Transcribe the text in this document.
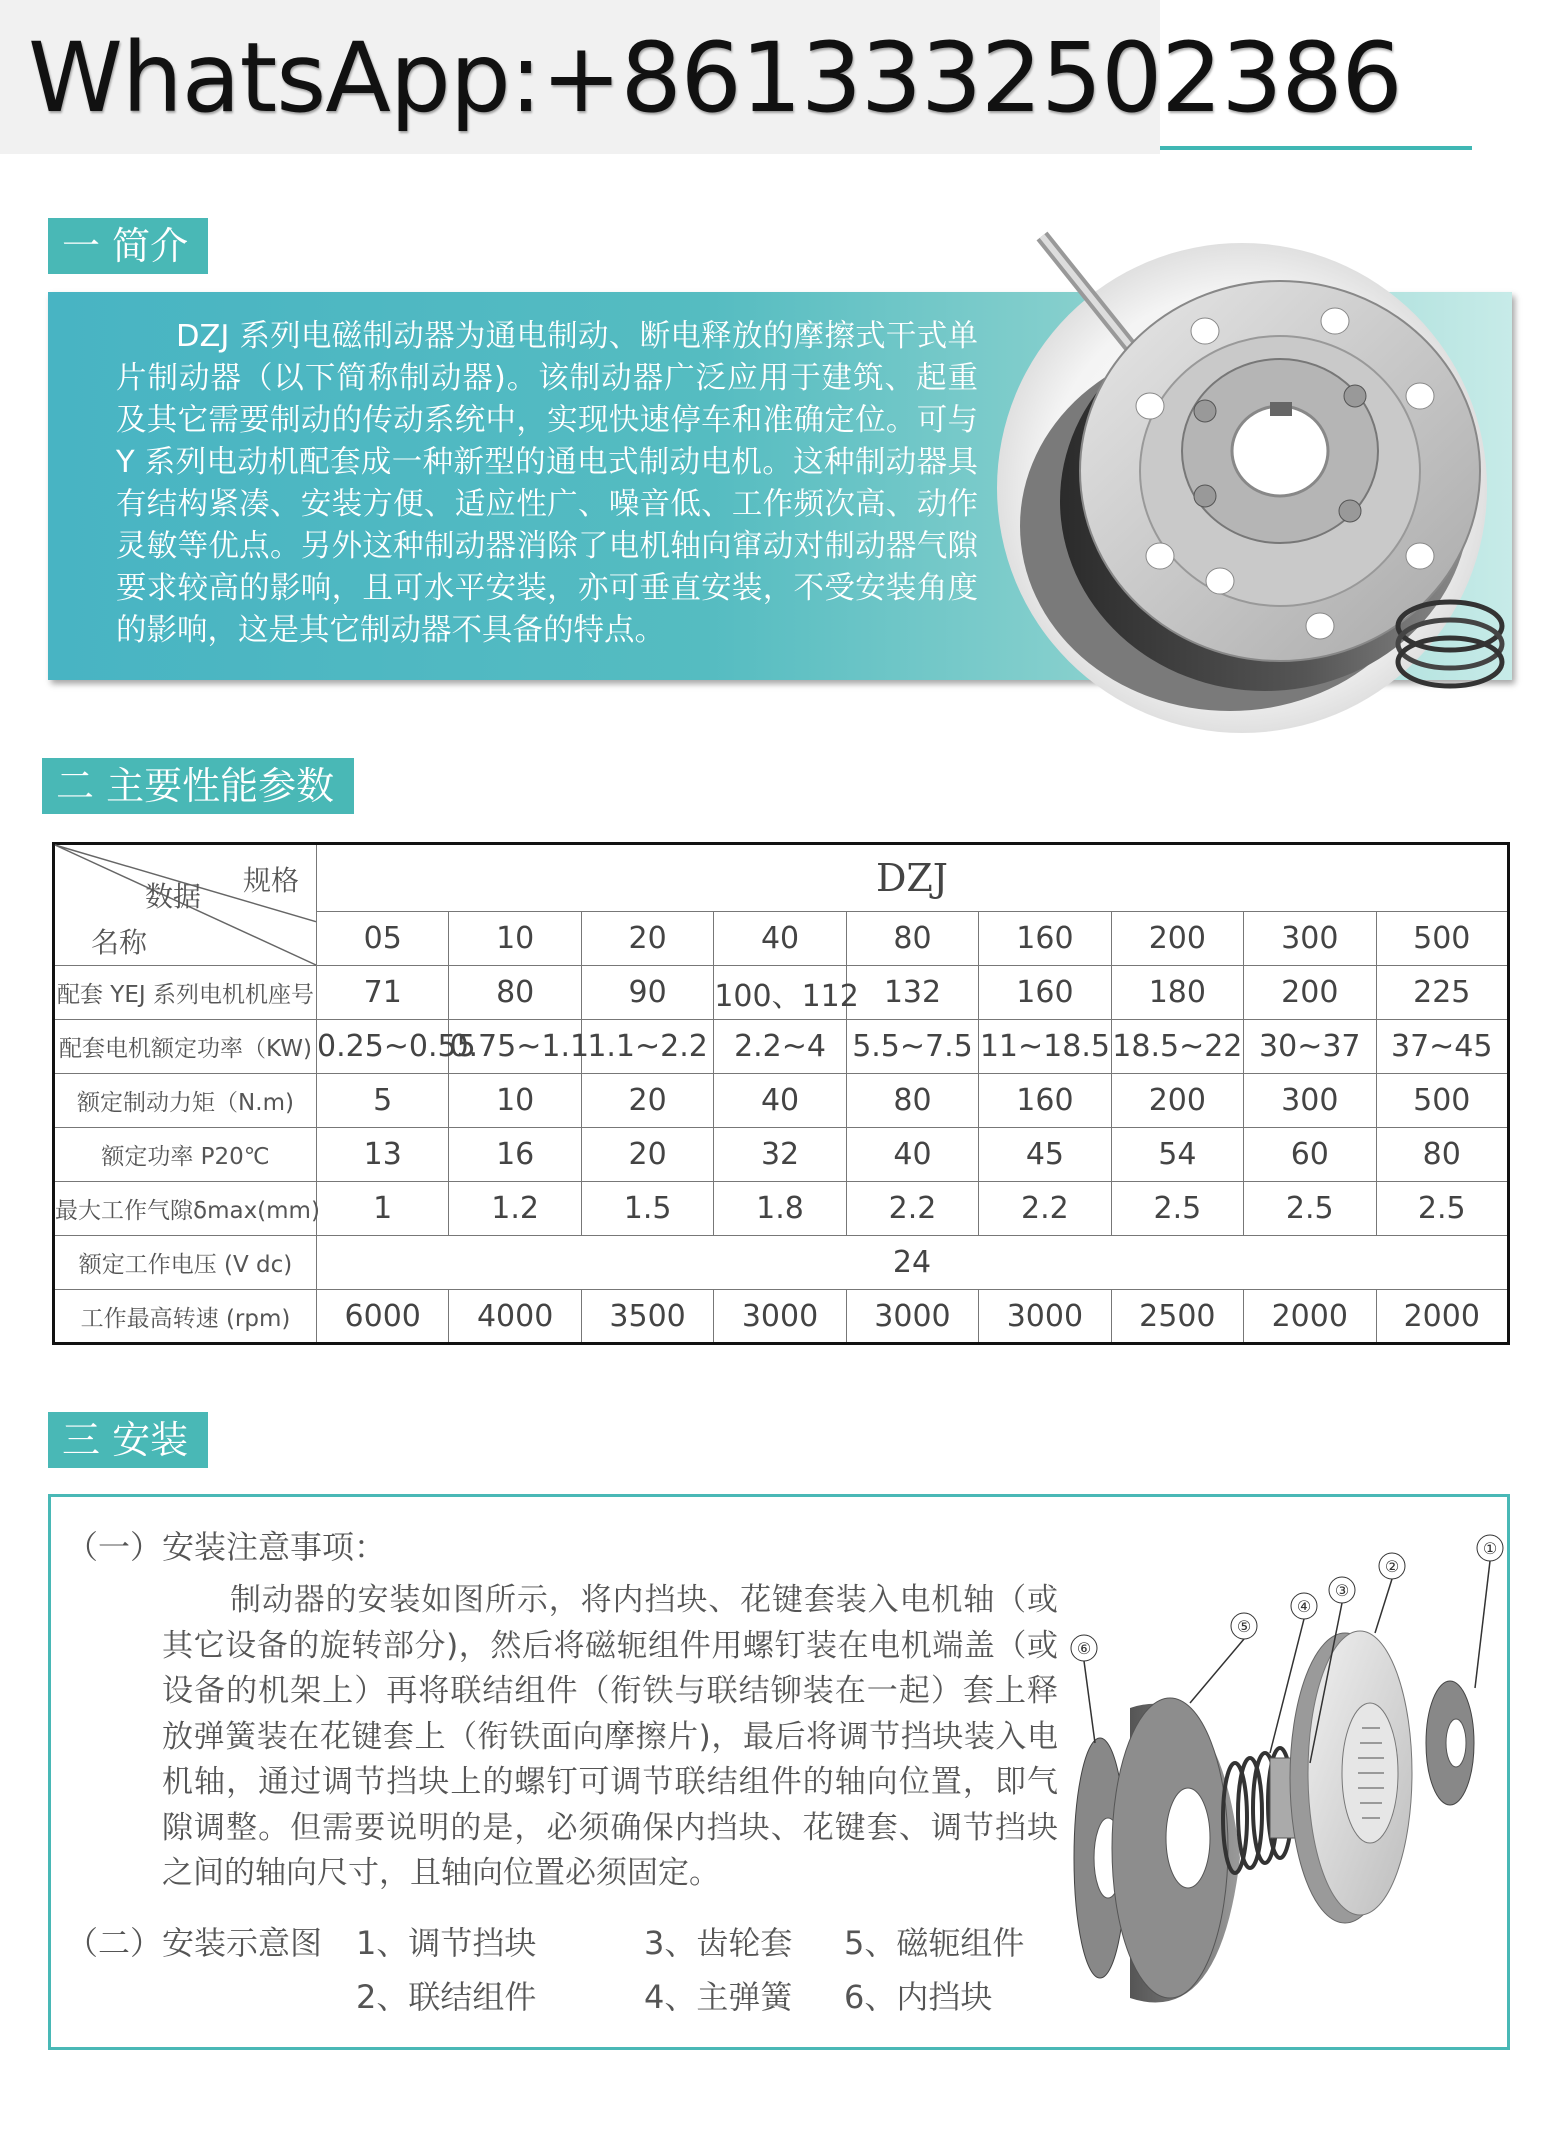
WhatsApp:+8613332502386
一 简介
DZJ 系列电磁制动器为通电制动、断电释放的摩擦式干式单片制动器（以下简称制动器)。该制动器广泛应用于建筑、起重及其它需要制动的传动系统中，实现快速停车和准确定位。可与 Y 系列电动机配套成一种新型的通电式制动电机。这种制动器具有结构紧凑、安装方便、适应性广、噪音低、工作频次高、动作灵敏等优点。另外这种制动器消除了电机轴向窜动对制动器气隙要求较高的影响，且可水平安装，亦可垂直安装，不受安装角度的影响，这是其它制动器不具备的特点。
二 主要性能参数
规格
数据
名称	DZJ								
	05	10	20	40	80	160	200	300	500
配套 YEJ 系列电机机座号	71	80	90	100、112	132	160	180	200	225
配套电机额定功率（KW)	0.25~0.55	0.75~1.1	1.1~2.2	2.2~4	5.5~7.5	11~18.5	18.5~22	30~37	37~45
额定制动力矩（N.m)	5	10	20	40	80	160	200	300	500
额定功率 P20℃	13	16	20	32	40	45	54	60	80
最大工作气隙δmax(mm)	1	1.2	1.5	1.8	2.2	2.2	2.5	2.5	2.5
额定工作电压 (V dc)	24								
工作最高转速 (rpm)	6000	4000	3500	3000	3000	3000	2500	2000	2000
三 安装
（一）安装注意事项：
制动器的安装如图所示，将内挡块、花键套装入电机轴（或其它设备的旋转部分)，然后将磁轭组件用螺钉装在电机端盖（或设备的机架上）再将联结组件（衔铁与联结铆装在一起）套上释放弹簧装在花键套上（衔铁面向摩擦片)，最后将调节挡块装入电机轴，通过调节挡块上的螺钉可调节联结组件的轴向位置，即气隙调整。但需要说明的是，必须确保内挡块、花键套、调节挡块之间的轴向尺寸，且轴向位置必须固定。
（二）安装示意图 1、调节挡块	3、齿轮套 5、磁轭组件
2、联结组件	4、主弹簧 6、内挡块
①
②
③
④
⑤
⑥
